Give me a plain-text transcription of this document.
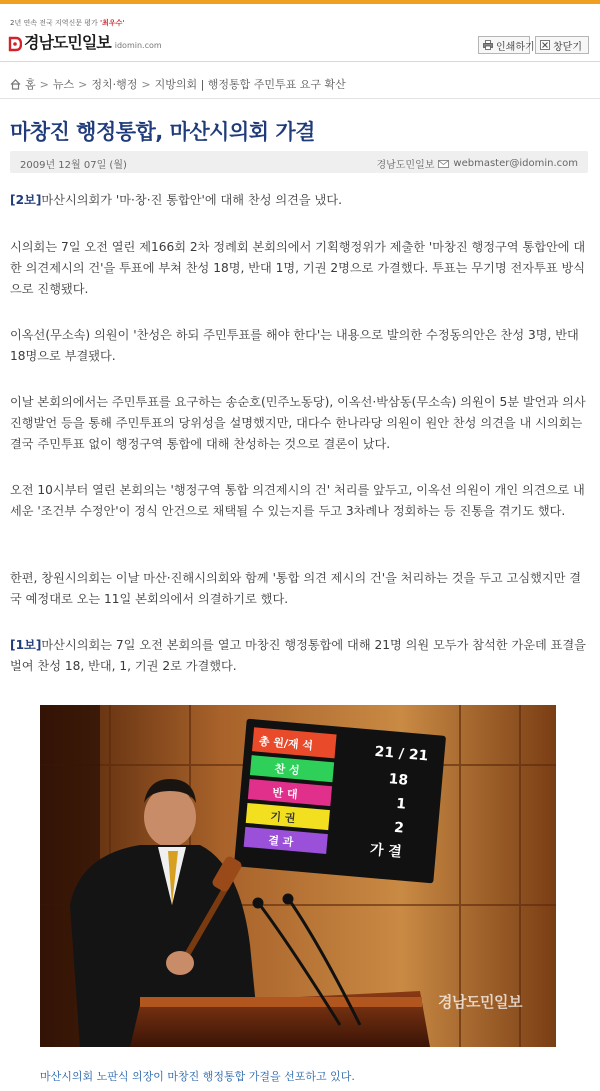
2년 연속 전국 지역신문 평가 '최우수'
경남도민일보 idomin.com	인쇄하기 창닫기
홈 > 뉴스 > 정치·행정 > 지방의회 | 행정통합 주민투표 요구 확산
마창진 행정통합, 마산시의회 가결
2009년 12월 07일 (월)	경남도민일보 webmaster@idomin.com

[2보]마산시의회가 '마·창·진 통합안'에 대해 찬성 의견을 냈다.

시의회는 7일 오전 열린 제166회 2차 정례회 본회의에서 기획행정위가 제출한 '마창진 행정구역 통합안에 대한 의견제시의 건'을 투표에 부쳐 찬성 18명, 반대 1명, 기권 2명으로 가결했다. 투표는 무기명 전자투표 방식으로 진행됐다.

이옥선(무소속) 의원이 '찬성은 하되 주민투표를 해야 한다'는 내용으로 발의한 수정동의안은 찬성 3명, 반대 18명으로 부결됐다.

이날 본회의에서는 주민투표를 요구하는 송순호(민주노동당), 이옥선·박삼동(무소속) 의원이 5분 발언과 의사진행발언 등을 통해 주민투표의 당위성을 설명했지만, 대다수 한나라당 의원이 원안 찬성 의견을 내 시의회는 결국 주민투표 없이 행정구역 통합에 대해 찬성하는 것으로 결론이 났다.

오전 10시부터 열린 본회의는 '행정구역 통합 의견제시의 건' 처리를 앞두고, 이옥선 의원이 개인 의견으로 내세운 '조건부 수정안'이 정식 안건으로 채택될 수 있는지를 두고 3차례나 정회하는 등 진통을 겪기도 했다.

한편, 창원시의회는 이날 마산·진해시의회와 함께 '통합 의견 제시의 건'을 처리하는 것을 두고 고심했지만 결국 예정대로 오는 11일 본회의에서 의결하기로 했다.

[1보]마산시의회는 7일 오전 본회의를 열고 마창진 행정통합에 대해 21명 의원 모두가 참석한 가운데 표결을 벌여 찬성 18, 반대, 1, 기권 2로 가결했다.

총 원/재 석
21 / 21
찬 성
18
반 대
1
기 권
2
결 과
가 결
경남도민일보

마산시의회 노판식 의장이 마창진 행정통합 가결을 선포하고 있다.
